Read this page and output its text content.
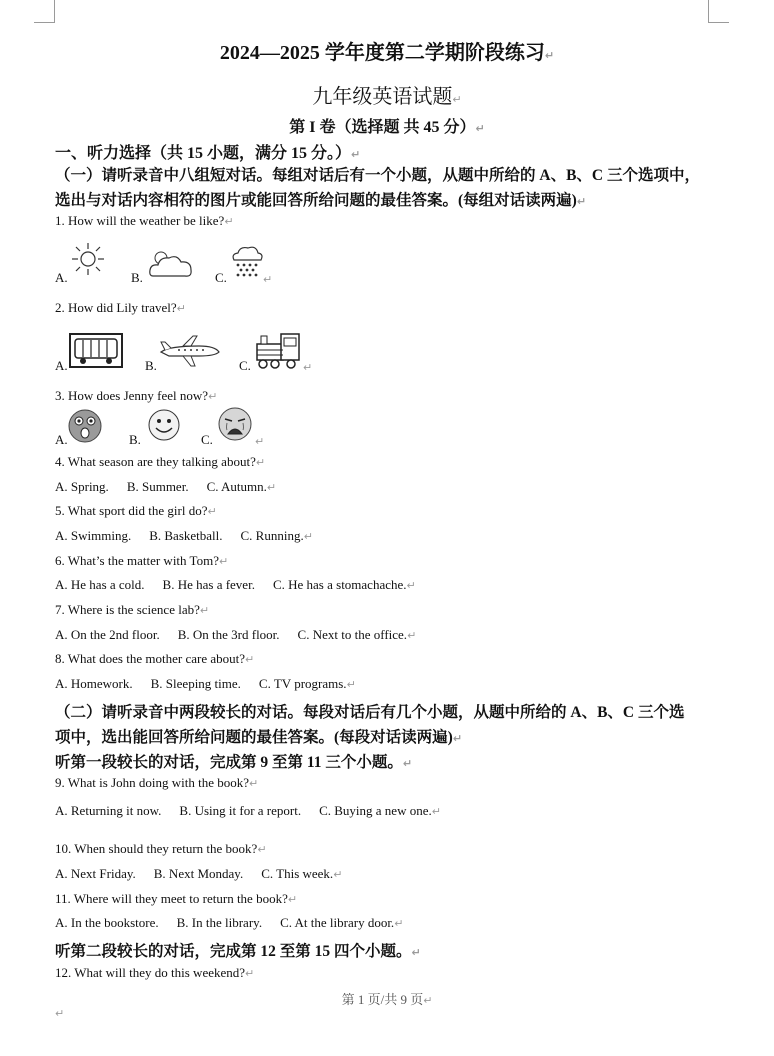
2024—2025 学年度第二学期阶段练习↵
九年级英语试题↵
第 I 卷（选择题 共 45 分）↵
一、听力选择（共 15 小题，满分 15 分。）↵
（一）请听录音中八组短对话。每组对话后有一个小题，从题中所给的 A、B、C 三个选项中，
选出与对话内容相符的图片或能回答所给问题的最佳答案。(每组对话读两遍)↵
1. How will the weather be like?↵
A.	B.	C.	↵
2. How did Lily travel?↵
A.	B.	C.	↵
3. How does Jenny feel now?↵
A.	B.	C.	↵
4. What season are they talking about?↵
A. Spring. B. Summer. C. Autumn.↵
5. What sport did the girl do?↵
A. Swimming. B. Basketball. C. Running.↵
6. What’s the matter with Tom?↵
A. He has a cold. B. He has a fever. C. He has a stomachache.↵
7. Where is the science lab?↵
A. On the 2nd floor. B. On the 3rd floor. C. Next to the office.↵
8. What does the mother care about?↵
A. Homework. B. Sleeping time. C. TV programs.↵
（二）请听录音中两段较长的对话。每段对话后有几个小题，从题中所给的 A、B、C 三个选
项中，选出能回答所给问题的最佳答案。(每段对话读两遍)↵
听第一段较长的对话，完成第 9 至第 11 三个小题。↵
9. What is John doing with the book?↵
A. Returning it now. B. Using it for a report. C. Buying a new one.↵
10. When should they return the book?↵
A. Next Friday. B. Next Monday. C. This week.↵
11. Where will they meet to return the book?↵
A. In the bookstore. B. In the library. C. At the library door.↵
听第二段较长的对话，完成第 12 至第 15 四个小题。↵
12. What will they do this weekend?↵
第 1 页/共 9 页↵
↵
